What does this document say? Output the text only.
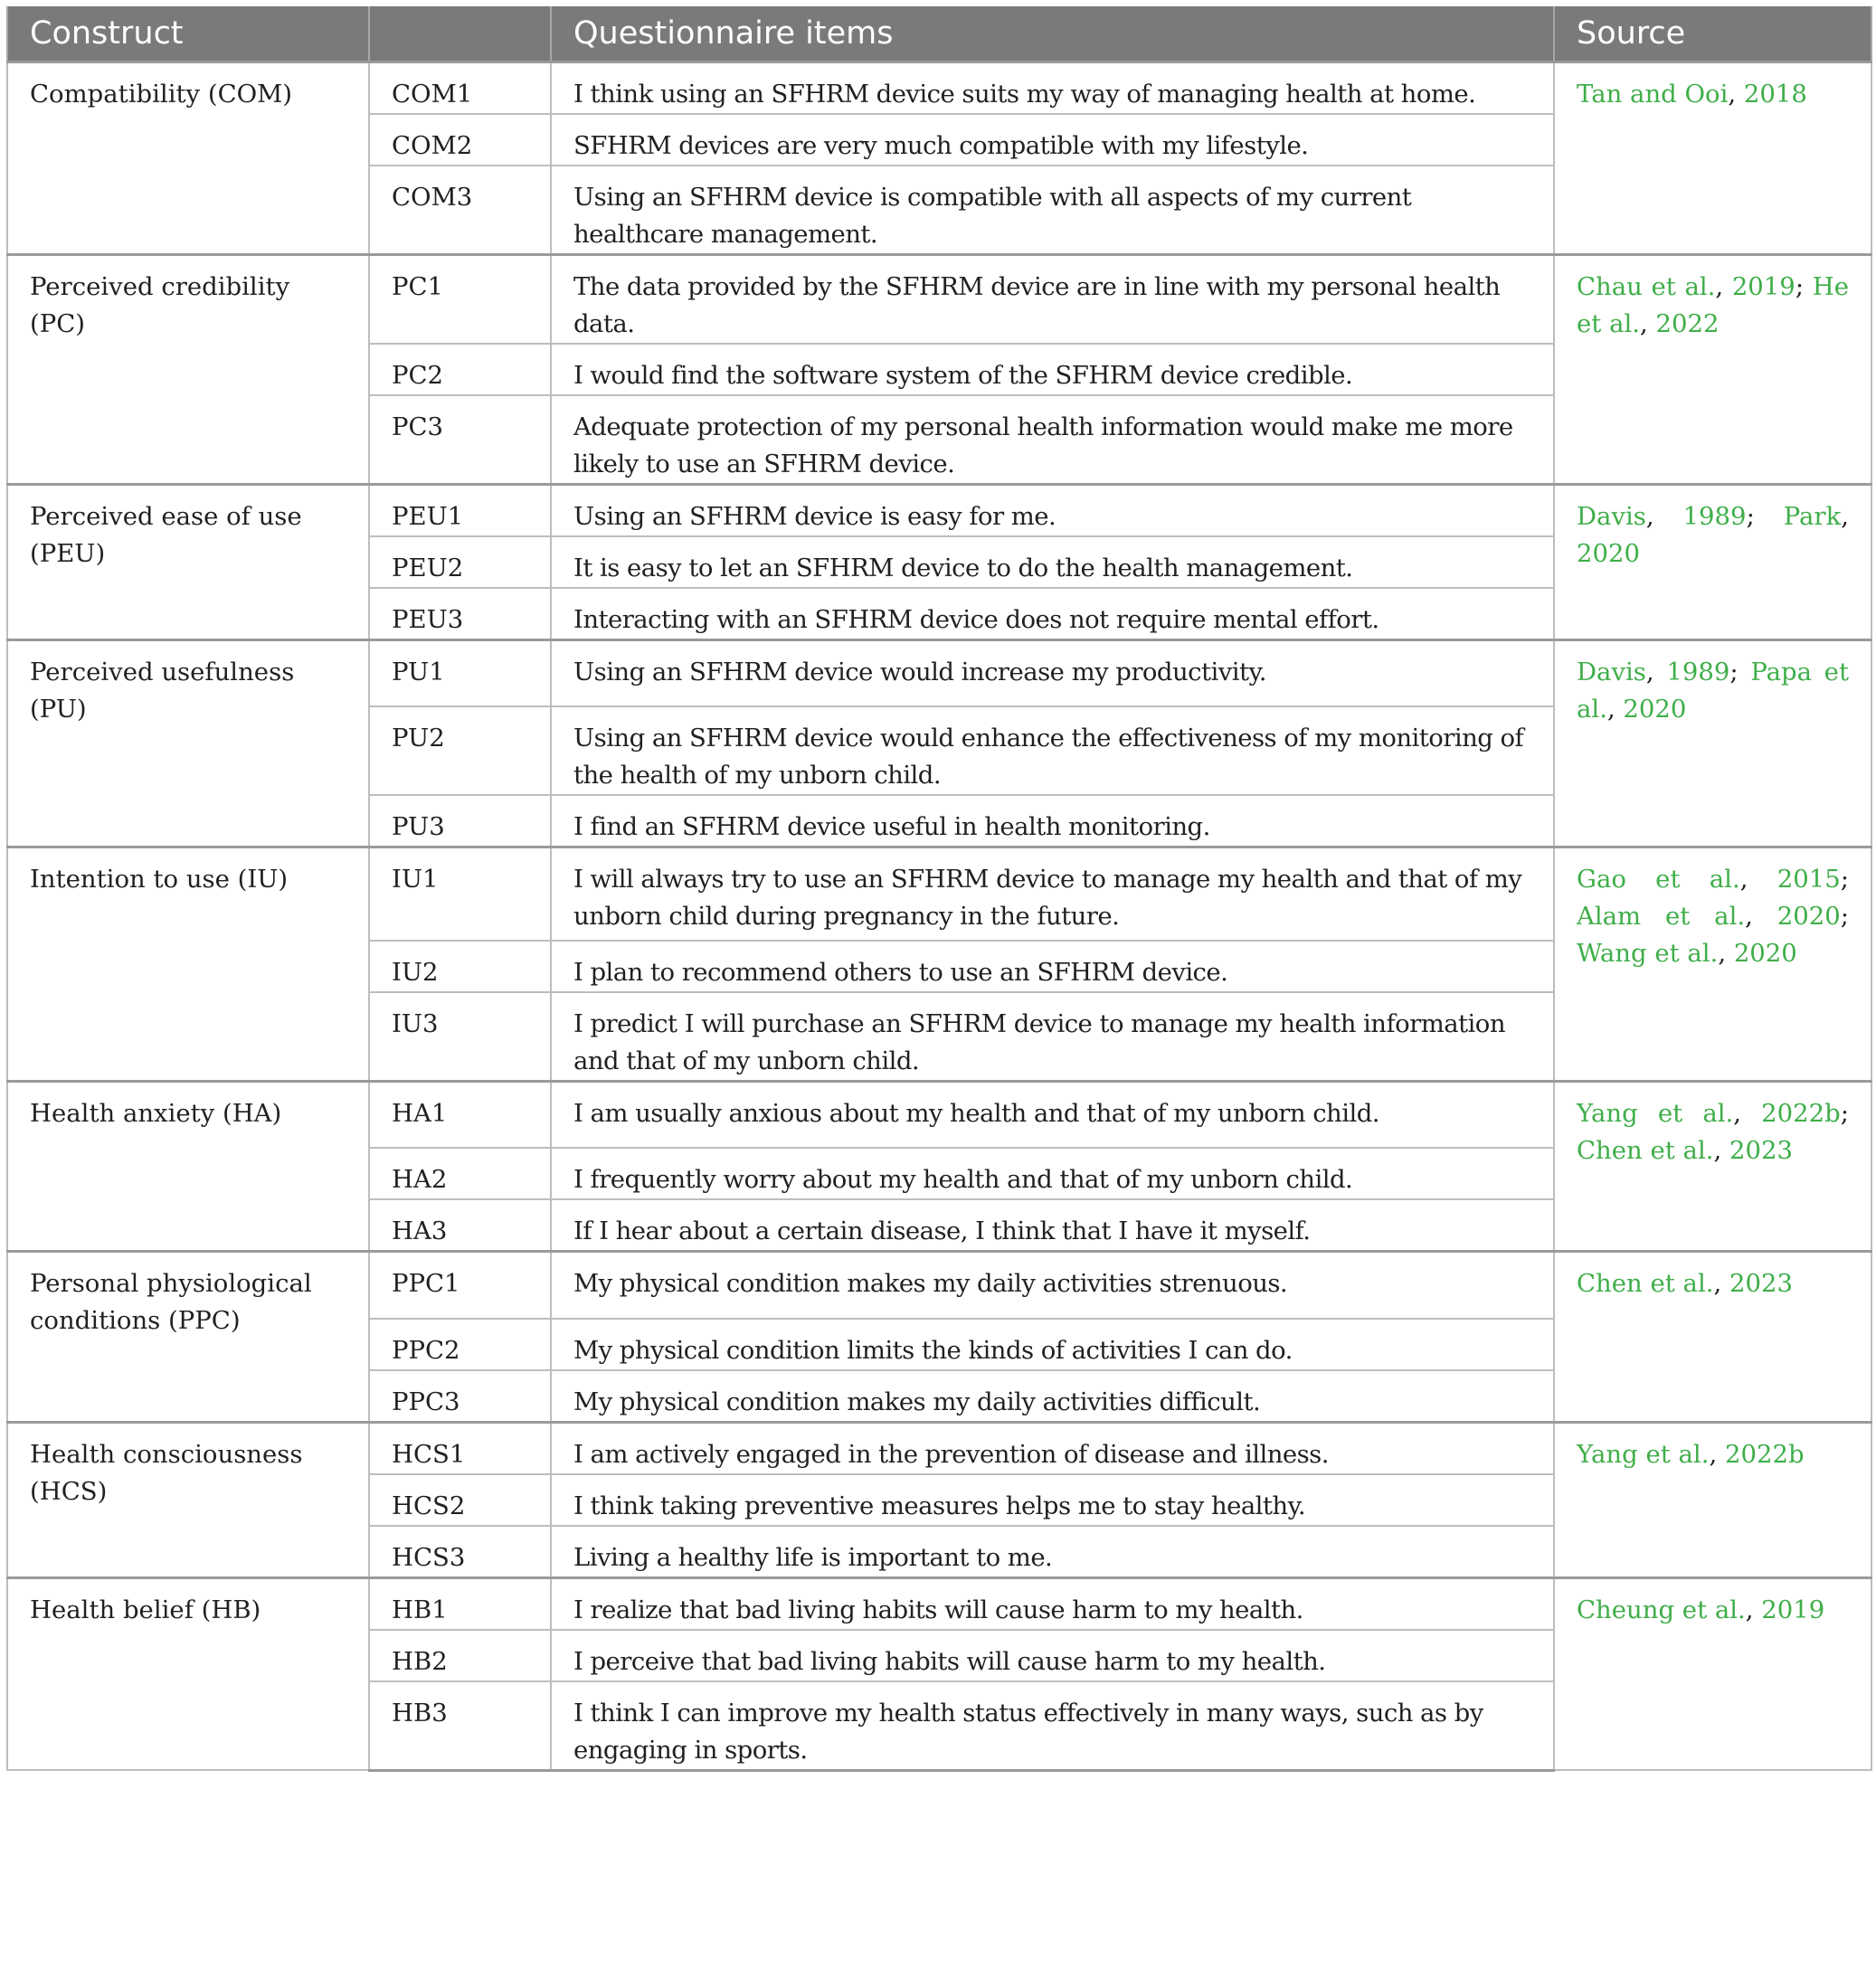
Construct		Questionnaire items	Source
Compatibility (COM)	COM1	I think using an SFHRM device suits my way of managing health at home.	Tan and Ooi, 2018
	COM2	SFHRM devices are very much compatible with my lifestyle.	
	COM3	Using an SFHRM device is compatible with all aspects of my current healthcare management.	
Perceived credibility (PC)	PC1	The data provided by the SFHRM device are in line with my personal health data.	Chau et al., 2019; He et al., 2022
	PC2	I would find the software system of the SFHRM device credible.	
	PC3	Adequate protection of my personal health information would make me more likely to use an SFHRM device.	
Perceived ease of use (PEU)	PEU1	Using an SFHRM device is easy for me.	Davis, 1989; Park, 2020
	PEU2	It is easy to let an SFHRM device to do the health management.	
	PEU3	Interacting with an SFHRM device does not require mental effort.	
Perceived usefulness (PU)	PU1	Using an SFHRM device would increase my productivity.	Davis, 1989; Papa et al., 2020
	PU2	Using an SFHRM device would enhance the effectiveness of my monitoring of the health of my unborn child.	
	PU3	I find an SFHRM device useful in health monitoring.	
Intention to use (IU)	IU1	I will always try to use an SFHRM device to manage my health and that of my unborn child during pregnancy in the future.	Gao et al., 2015; Alam et al., 2020; Wang et al., 2020
	IU2	I plan to recommend others to use an SFHRM device.	
	IU3	I predict I will purchase an SFHRM device to manage my health information and that of my unborn child.	
Health anxiety (HA)	HA1	I am usually anxious about my health and that of my unborn child.	Yang et al., 2022b; Chen et al., 2023
	HA2	I frequently worry about my health and that of my unborn child.	
	HA3	If I hear about a certain disease, I think that I have it myself.	
Personal physiological conditions (PPC)	PPC1	My physical condition makes my daily activities strenuous.	Chen et al., 2023
	PPC2	My physical condition limits the kinds of activities I can do.	
	PPC3	My physical condition makes my daily activities difficult.	
Health consciousness (HCS)	HCS1	I am actively engaged in the prevention of disease and illness.	Yang et al., 2022b
	HCS2	I think taking preventive measures helps me to stay healthy.	
	HCS3	Living a healthy life is important to me.	
Health belief (HB)	HB1	I realize that bad living habits will cause harm to my health.	Cheung et al., 2019
	HB2	I perceive that bad living habits will cause harm to my health.	
	HB3	I think I can improve my health status effectively in many ways, such as by engaging in sports.	
